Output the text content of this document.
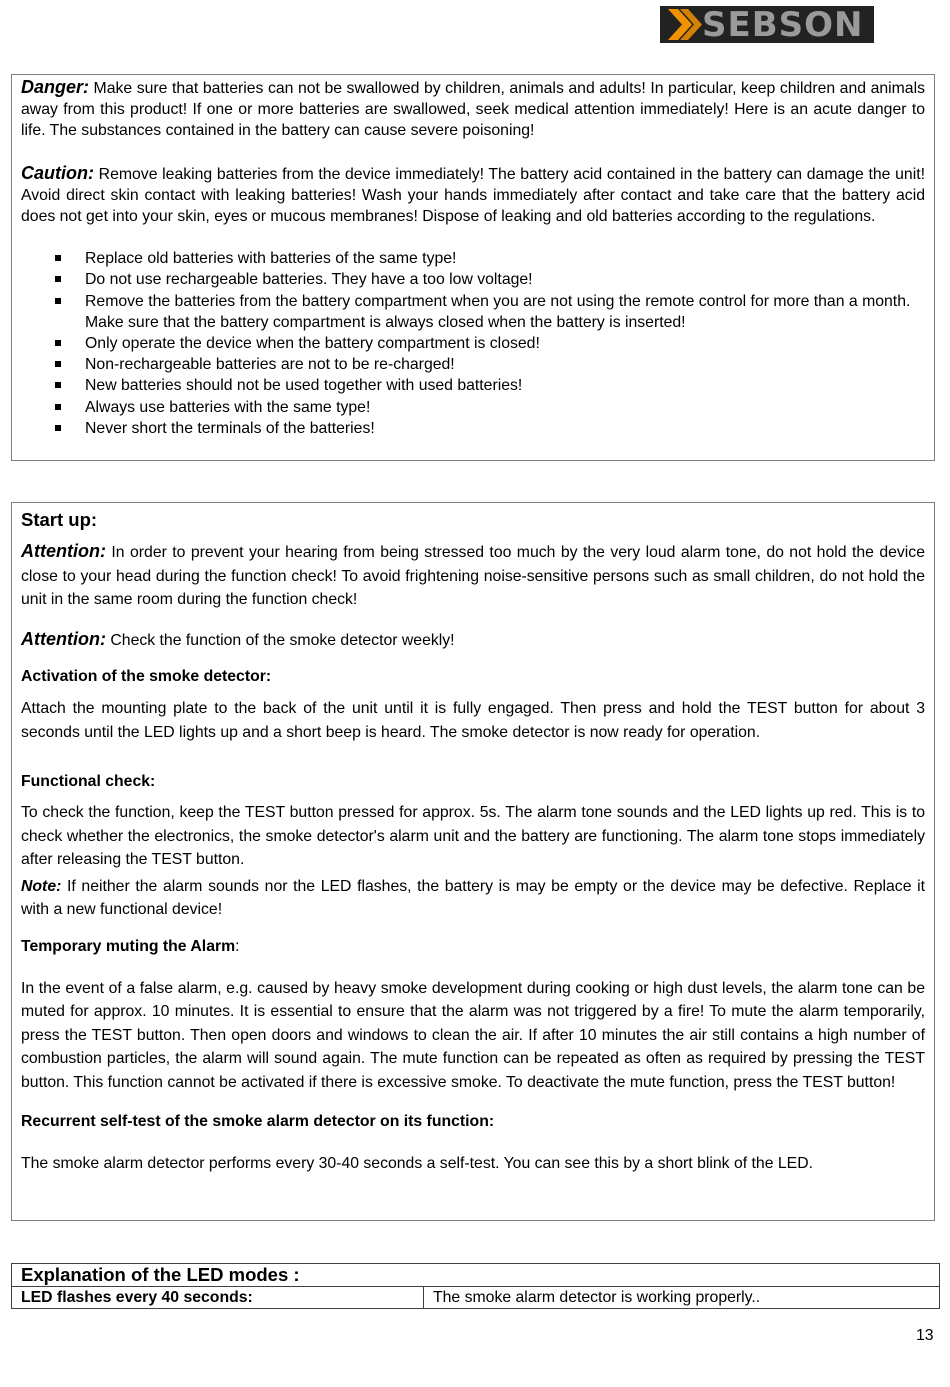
SEBSON

Danger: Make sure that batteries can not be swallowed by children, animals and adults! In particular, keep children and animals away from this product! If one or more batteries are swallowed, seek medical attention immediately! Here is an acute danger to life. The substances contained in the battery can cause severe poisoning!

Caution: Remove leaking batteries from the device immediately! The battery acid contained in the battery can damage the unit! Avoid direct skin contact with leaking batteries! Wash your hands immediately after contact and take care that the battery acid does not get into your skin, eyes or mucous membranes! Dispose of leaking and old batteries according to the regulations.

Replace old batteries with batteries of the same type!
Do not use rechargeable batteries. They have a too low voltage!
Remove the batteries from the battery compartment when you are not using the remote control for more than a month. Make sure that the battery compartment is always closed when the battery is inserted!
Only operate the device when the battery compartment is closed!
Non-rechargeable batteries are not to be re-charged!
New batteries should not be used together with used batteries!
Always use batteries with the same type!
Never short the terminals of the batteries!
Start up:

Attention: In order to prevent your hearing from being stressed too much by the very loud alarm tone, do not hold the device close to your head during the function check! To avoid frightening noise-sensitive persons such as small children, do not hold the unit in the same room during the function check!

Attention: Check the function of the smoke detector weekly!

Activation of the smoke detector:

Attach the mounting plate to the back of the unit until it is fully engaged. Then press and hold the TEST button for about 3 seconds until the LED lights up and a short beep is heard. The smoke detector is now ready for operation.

Functional check:

To check the function, keep the TEST button pressed for approx. 5s. The alarm tone sounds and the LED lights up red. This is to check whether the electronics, the smoke detector's alarm unit and the battery are functioning. The alarm tone stops immediately after releasing the TEST button.

Note: If neither the alarm sounds nor the LED flashes, the battery is may be empty or the device may be defective. Replace it with a new functional device!

Temporary muting the Alarm:

In the event of a false alarm, e.g. caused by heavy smoke development during cooking or high dust levels, the alarm tone can be muted for approx. 10 minutes. It is essential to ensure that the alarm was not triggered by a fire! To mute the alarm temporarily, press the TEST button. Then open doors and windows to clean the air. If after 10 minutes the air still contains a high number of combustion particles, the alarm will sound again. The mute function can be repeated as often as required by pressing the TEST button. This function cannot be activated if there is excessive smoke. To deactivate the mute function, press the TEST button!

Recurrent self-test of the smoke alarm detector on its function:

The smoke alarm detector performs every 30-40 seconds a self-test. You can see this by a short blink of the LED.

Explanation of the LED modes :
LED flashes every 40 seconds:	The smoke alarm detector is working properly..
13
